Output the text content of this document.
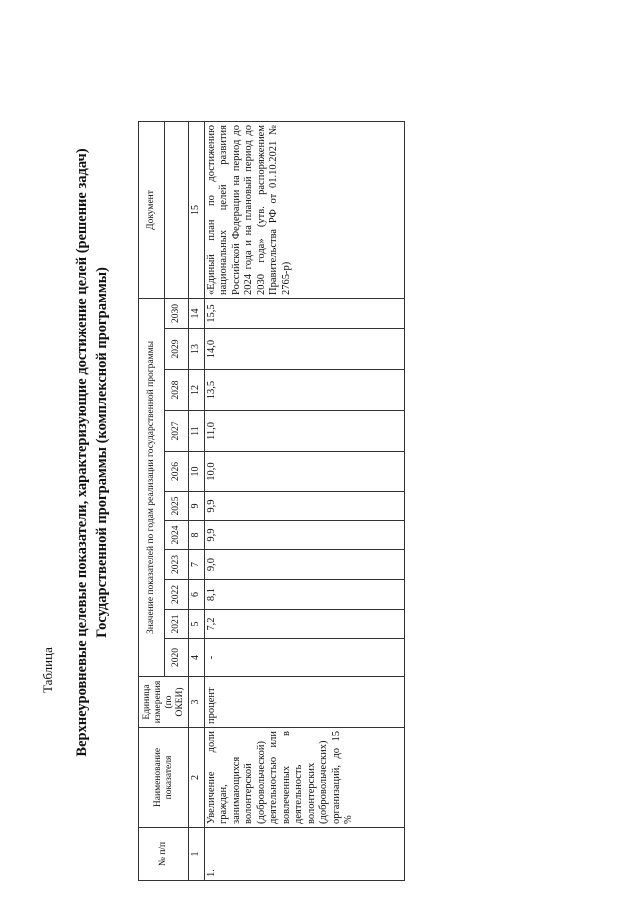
Таблица Верхнеуровневые целевые показатели, характеризующие достижение целей (решение задач) Государственной программы (комплексной программы)
№ п/п	Наименование показателя	Единица измерения (по ОКЕИ)	Значение показателей по годам реализации государственной программы											Документ
			2020	2021	2022	2023	2024	2025	2026	2027	2028	2029	2030	
1	2	3	4	5	6	7	8	9	10	11	12	13	14	15
1.	Увеличение доли граждан, занимающихся волонтерской (добровольческой) деятельностью или вовлеченных в деятельность волонтерских (добровольческих) организаций, до 15 %	процент	-	7,2	8,1	9,0	9,9	9,9	10,0	11,0	13,5	14,0	15,5	«Единый план по достижению национальных целей развития Российской Федерации на период до 2024 года и на плановый период до 2030 года» (утв. распоряжением Правительства РФ от 01.10.2021 № 2765-р)
